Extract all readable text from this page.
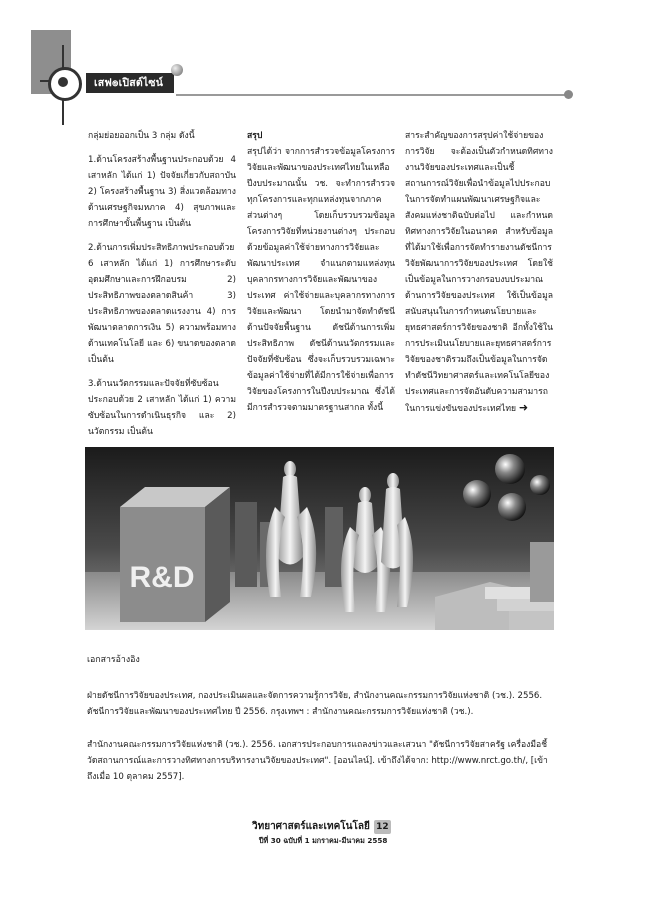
เสฟ๏เปิสต์ไซน์

กลุ่มย่อยออกเป็น 3 กลุ่ม ดังนี้

1.ด้านโครงสร้างพื้นฐานประกอบด้วย 4 เสาหลัก ได้แก่ 1) ปัจจัยเกี่ยวกับสถาบัน 2) โครงสร้างพื้นฐาน 3) สิ่งแวดล้อมทางด้านเศรษฐกิจมหภาค 4) สุขภาพและการศึกษาขั้นพื้นฐาน เป็นต้น

2.ด้านการเพิ่มประสิทธิภาพประกอบด้วย 6 เสาหลัก ได้แก่ 1) การศึกษาระดับอุดมศึกษาและการฝึกอบรม 2) ประสิทธิภาพของตลาดสินค้า 3) ประสิทธิภาพของตลาดแรงงาน 4) การพัฒนาตลาดการเงิน 5) ความพร้อมทางด้านเทคโนโลยี และ 6) ขนาดของตลาด เป็นต้น

3.ด้านนวัตกรรมและปัจจัยที่ซับซ้อน ประกอบด้วย 2 เสาหลัก ได้แก่ 1) ความซับซ้อนในการดำเนินธุรกิจ และ 2) นวัตกรรม เป็นต้น

สรุป

สรุปได้ว่า จากการสำรวจข้อมูลโครงการวิจัยและพัฒนาของประเทศไทยในเหลือปีงบประมาณนั้น วช. จะทำการสำรวจทุกโครงการและทุกแหล่งทุนจากภาคส่วนต่างๆ โดยเก็บรวบรวมข้อมูลโครงการวิจัยที่หน่วยงานต่างๆ ประกอบด้วยข้อมูลค่าใช้จ่ายทางการวิจัยและพัฒนาประเทศ จำแนกตามแหล่งทุนบุคลากรทางการวิจัยและพัฒนาของประเทศ ค่าใช้จ่ายและบุคลากรทางการวิจัยและพัฒนา โดยนำมาจัดทำดัชนีด้านปัจจัยพื้นฐาน ดัชนีด้านการเพิ่มประสิทธิภาพ ดัชนีด้านนวัตกรรมและปัจจัยที่ซับซ้อน ซึ่งจะเก็บรวบรวมเฉพาะข้อมูลค่าใช้จ่ายที่ได้มีการใช้จ่ายเพื่อการวิจัยของโครงการในปีงบประมาณ ซึ่งได้มีการสำรวจตามมาตรฐานสากล ทั้งนี้

สาระสำคัญของการสรุปค่าใช้จ่ายของการวิจัย จะต้องเป็นตัวกำหนดทิศทางงานวิจัยของประเทศและเป็นชี้สถานการณ์วิจัยเพื่อนำข้อมูลไปประกอบในการจัดทำแผนพัฒนาเศรษฐกิจและสังคมแห่งชาติฉบับต่อไป และกำหนดทิศทางการวิจัยในอนาคต สำหรับข้อมูลที่ได้มาใช้เพื่อการจัดทำรายงานดัชนีการวิจัยพัฒนาการวิจัยของประเทศ โดยใช้เป็นข้อมูลในการวางกรอบงบประมาณด้านการวิจัยของประเทศ ใช้เป็นข้อมูลสนับสนุนในการกำหนดนโยบายและยุทธศาสตร์การวิจัยของชาติ อีกทั้งใช้ในการประเมินนโยบายและยุทธศาสตร์การวิจัยของชาติรวมถึงเป็นข้อมูลในการจัดทำดัชนีวิทยาศาสตร์และเทคโนโลยีของประเทศและการจัดอันดับความสามารถในการแข่งขันของประเทศไทย ➜

R&D
เอกสารอ้างอิง
ฝ่ายดัชนีการวิจัยของประเทศ, กองประเมินผลและจัดการความรู้การวิจัย, สำนักงานคณะกรรมการวิจัยแห่งชาติ (วช.). 2556. ดัชนีการวิจัยและพัฒนาของประเทศไทย ปี 2556. กรุงเทพฯ : สำนักงานคณะกรรมการวิจัยแห่งชาติ (วช.).
สำนักงานคณะกรรมการวิจัยแห่งชาติ (วช.). 2556. เอกสารประกอบการแถลงข่าวและเสวนา "ดัชนีการวิจัยสาครัฐ เครื่องมือชี้วัดสถานการณ์และการวางทิศทางการบริหารงานวิจัยของประเทศ". [ออนไลน์]. เข้าถึงได้จาก: http://www.nrct.go.th/, [เข้าถึงเมื่อ 10 ตุลาคม 2557].
วิทยาศาสตร์และเทคโนโลยี 12
ปีที่ 30 ฉบับที่ 1 มกราคม-มีนาคม 2558
